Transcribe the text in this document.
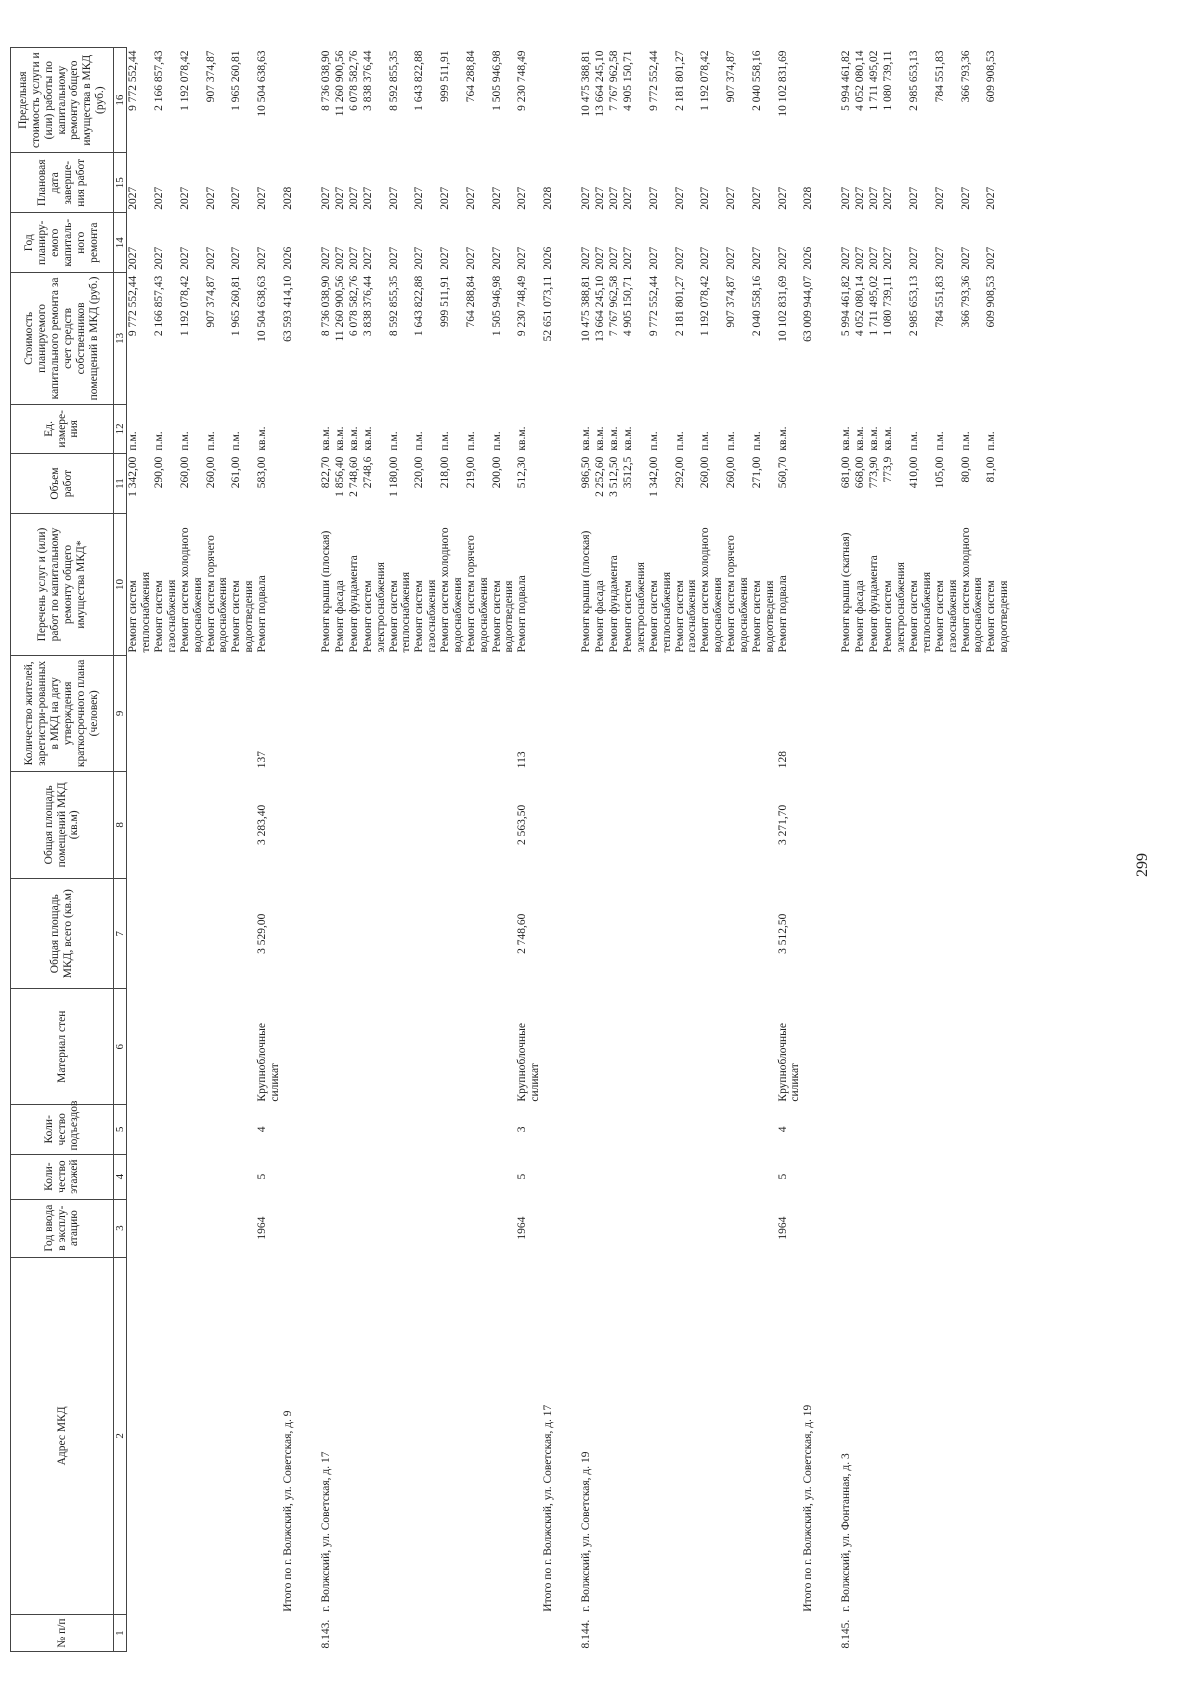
299
№ п/п	Адрес МКД	Год ввода в эксплу-атацию	Коли-чество этажей	Коли-чество подъездов	Материал стен	Общая площадь МКД, всего (кв.м)	Общая площадь помещений МКД (кв.м)	Количество жителей, зарегистри-рованных в МКД на дату утверждения краткосрочного плана (человек)	Перечень услуг и (или) работ по капитальному ремонту общего имущества МКД*	Объем работ	Ед. измере-ния	Стоимость планируемого капитального ремонта за счет средств собственников помещений в МКД (руб.)	Год планиру-емого капиталь-ного ремонта	Плановая дата заверше-ния работ	Предельная стоимость услуги и (или) работы по капитальному ремонту общего имущества в МКД (руб.)
1	2	3	4	5	6	7	8	9	10	11	12	13	14	15	16
									Ремонт систем
теплоснабжения	1 342,00	п.м.	9 772 552,44	2027	2027	9 772 552,44
									Ремонт систем
газоснабжения	290,00	п.м.	2 166 857,43	2027	2027	2 166 857,43
									Ремонт систем холодного
водоснабжения	260,00	п.м.	1 192 078,42	2027	2027	1 192 078,42
									Ремонт систем горячего
водоснабжения	260,00	п.м.	907 374,87	2027	2027	907 374,87
									Ремонт систем
водоотведения	261,00	п.м.	1 965 260,81	2027	2027	1 965 260,81
		1964	5	4	Крупноблочные
силикат	3 529,00	3 283,40	137	Ремонт подвала	583,00	кв.м.	10 504 638,63	2027	2027	10 504 638,63
	Итого по г. Волжский, ул. Советская, д. 9											63 593 414,10	2026	2028	

8.143.	г. Волжский, ул. Советская, д. 17								Ремонт крыши (плоская)	822,70	кв.м.	8 736 038,90	2027	2027	8 736 038,90
									Ремонт фасада	1 856,40	кв.м.	11 260 900,56	2027	2027	11 260 900,56
									Ремонт фундамента	2 748,60	кв.м.	6 078 582,76	2027	2027	6 078 582,76
									Ремонт систем
электроснабжения	2748,6	кв.м.	3 838 376,44	2027	2027	3 838 376,44
									Ремонт систем
теплоснабжения	1 180,00	п.м.	8 592 855,35	2027	2027	8 592 855,35
									Ремонт систем
газоснабжения	220,00	п.м.	1 643 822,88	2027	2027	1 643 822,88
									Ремонт систем холодного
водоснабжения	218,00	п.м.	999 511,91	2027	2027	999 511,91
									Ремонт систем горячего
водоснабжения	219,00	п.м.	764 288,84	2027	2027	764 288,84
									Ремонт систем
водоотведения	200,00	п.м.	1 505 946,98	2027	2027	1 505 946,98
		1964	5	3	Крупноблочные
силикат	2 748,60	2 563,50	113	Ремонт подвала	512,30	кв.м.	9 230 748,49	2027	2027	9 230 748,49
	Итого по г. Волжский, ул. Советская, д. 17											52 651 073,11	2026	2028	

8.144.	г. Волжский, ул. Советская, д. 19								Ремонт крыши (плоская)	986,50	кв.м.	10 475 388,81	2027	2027	10 475 388,81
									Ремонт фасада	2 252,60	кв.м.	13 664 245,10	2027	2027	13 664 245,10
									Ремонт фундамента	3 512,50	кв.м.	7 767 962,58	2027	2027	7 767 962,58
									Ремонт систем
электроснабжения	3512,5	кв.м.	4 905 150,71	2027	2027	4 905 150,71
									Ремонт систем
теплоснабжения	1 342,00	п.м.	9 772 552,44	2027	2027	9 772 552,44
									Ремонт систем
газоснабжения	292,00	п.м.	2 181 801,27	2027	2027	2 181 801,27
									Ремонт систем холодного
водоснабжения	260,00	п.м.	1 192 078,42	2027	2027	1 192 078,42
									Ремонт систем горячего
водоснабжения	260,00	п.м.	907 374,87	2027	2027	907 374,87
									Ремонт систем
водоотведения	271,00	п.м.	2 040 558,16	2027	2027	2 040 558,16
		1964	5	4	Крупноблочные
силикат	3 512,50	3 271,70	128	Ремонт подвала	560,70	кв.м.	10 102 831,69	2027	2027	10 102 831,69
	Итого по г. Волжский, ул. Советская, д. 19											63 009 944,07	2026	2028	

8.145.	г. Волжский, ул. Фонтанная, д. 3								Ремонт крыши (скатная)	681,00	кв.м.	5 994 461,82	2027	2027	5 994 461,82
									Ремонт фасада	668,00	кв.м.	4 052 080,14	2027	2027	4 052 080,14
									Ремонт фундамента	773,90	кв.м.	1 711 495,02	2027	2027	1 711 495,02
									Ремонт систем
электроснабжения	773,9	кв.м.	1 080 739,11	2027	2027	1 080 739,11
									Ремонт систем
теплоснабжения	410,00	п.м.	2 985 653,13	2027	2027	2 985 653,13
									Ремонт систем
газоснабжения	105,00	п.м.	784 551,83	2027	2027	784 551,83
									Ремонт систем холодного
водоснабжения	80,00	п.м.	366 793,36	2027	2027	366 793,36
									Ремонт систем
водоотведения	81,00	п.м.	609 908,53	2027	2027	609 908,53
